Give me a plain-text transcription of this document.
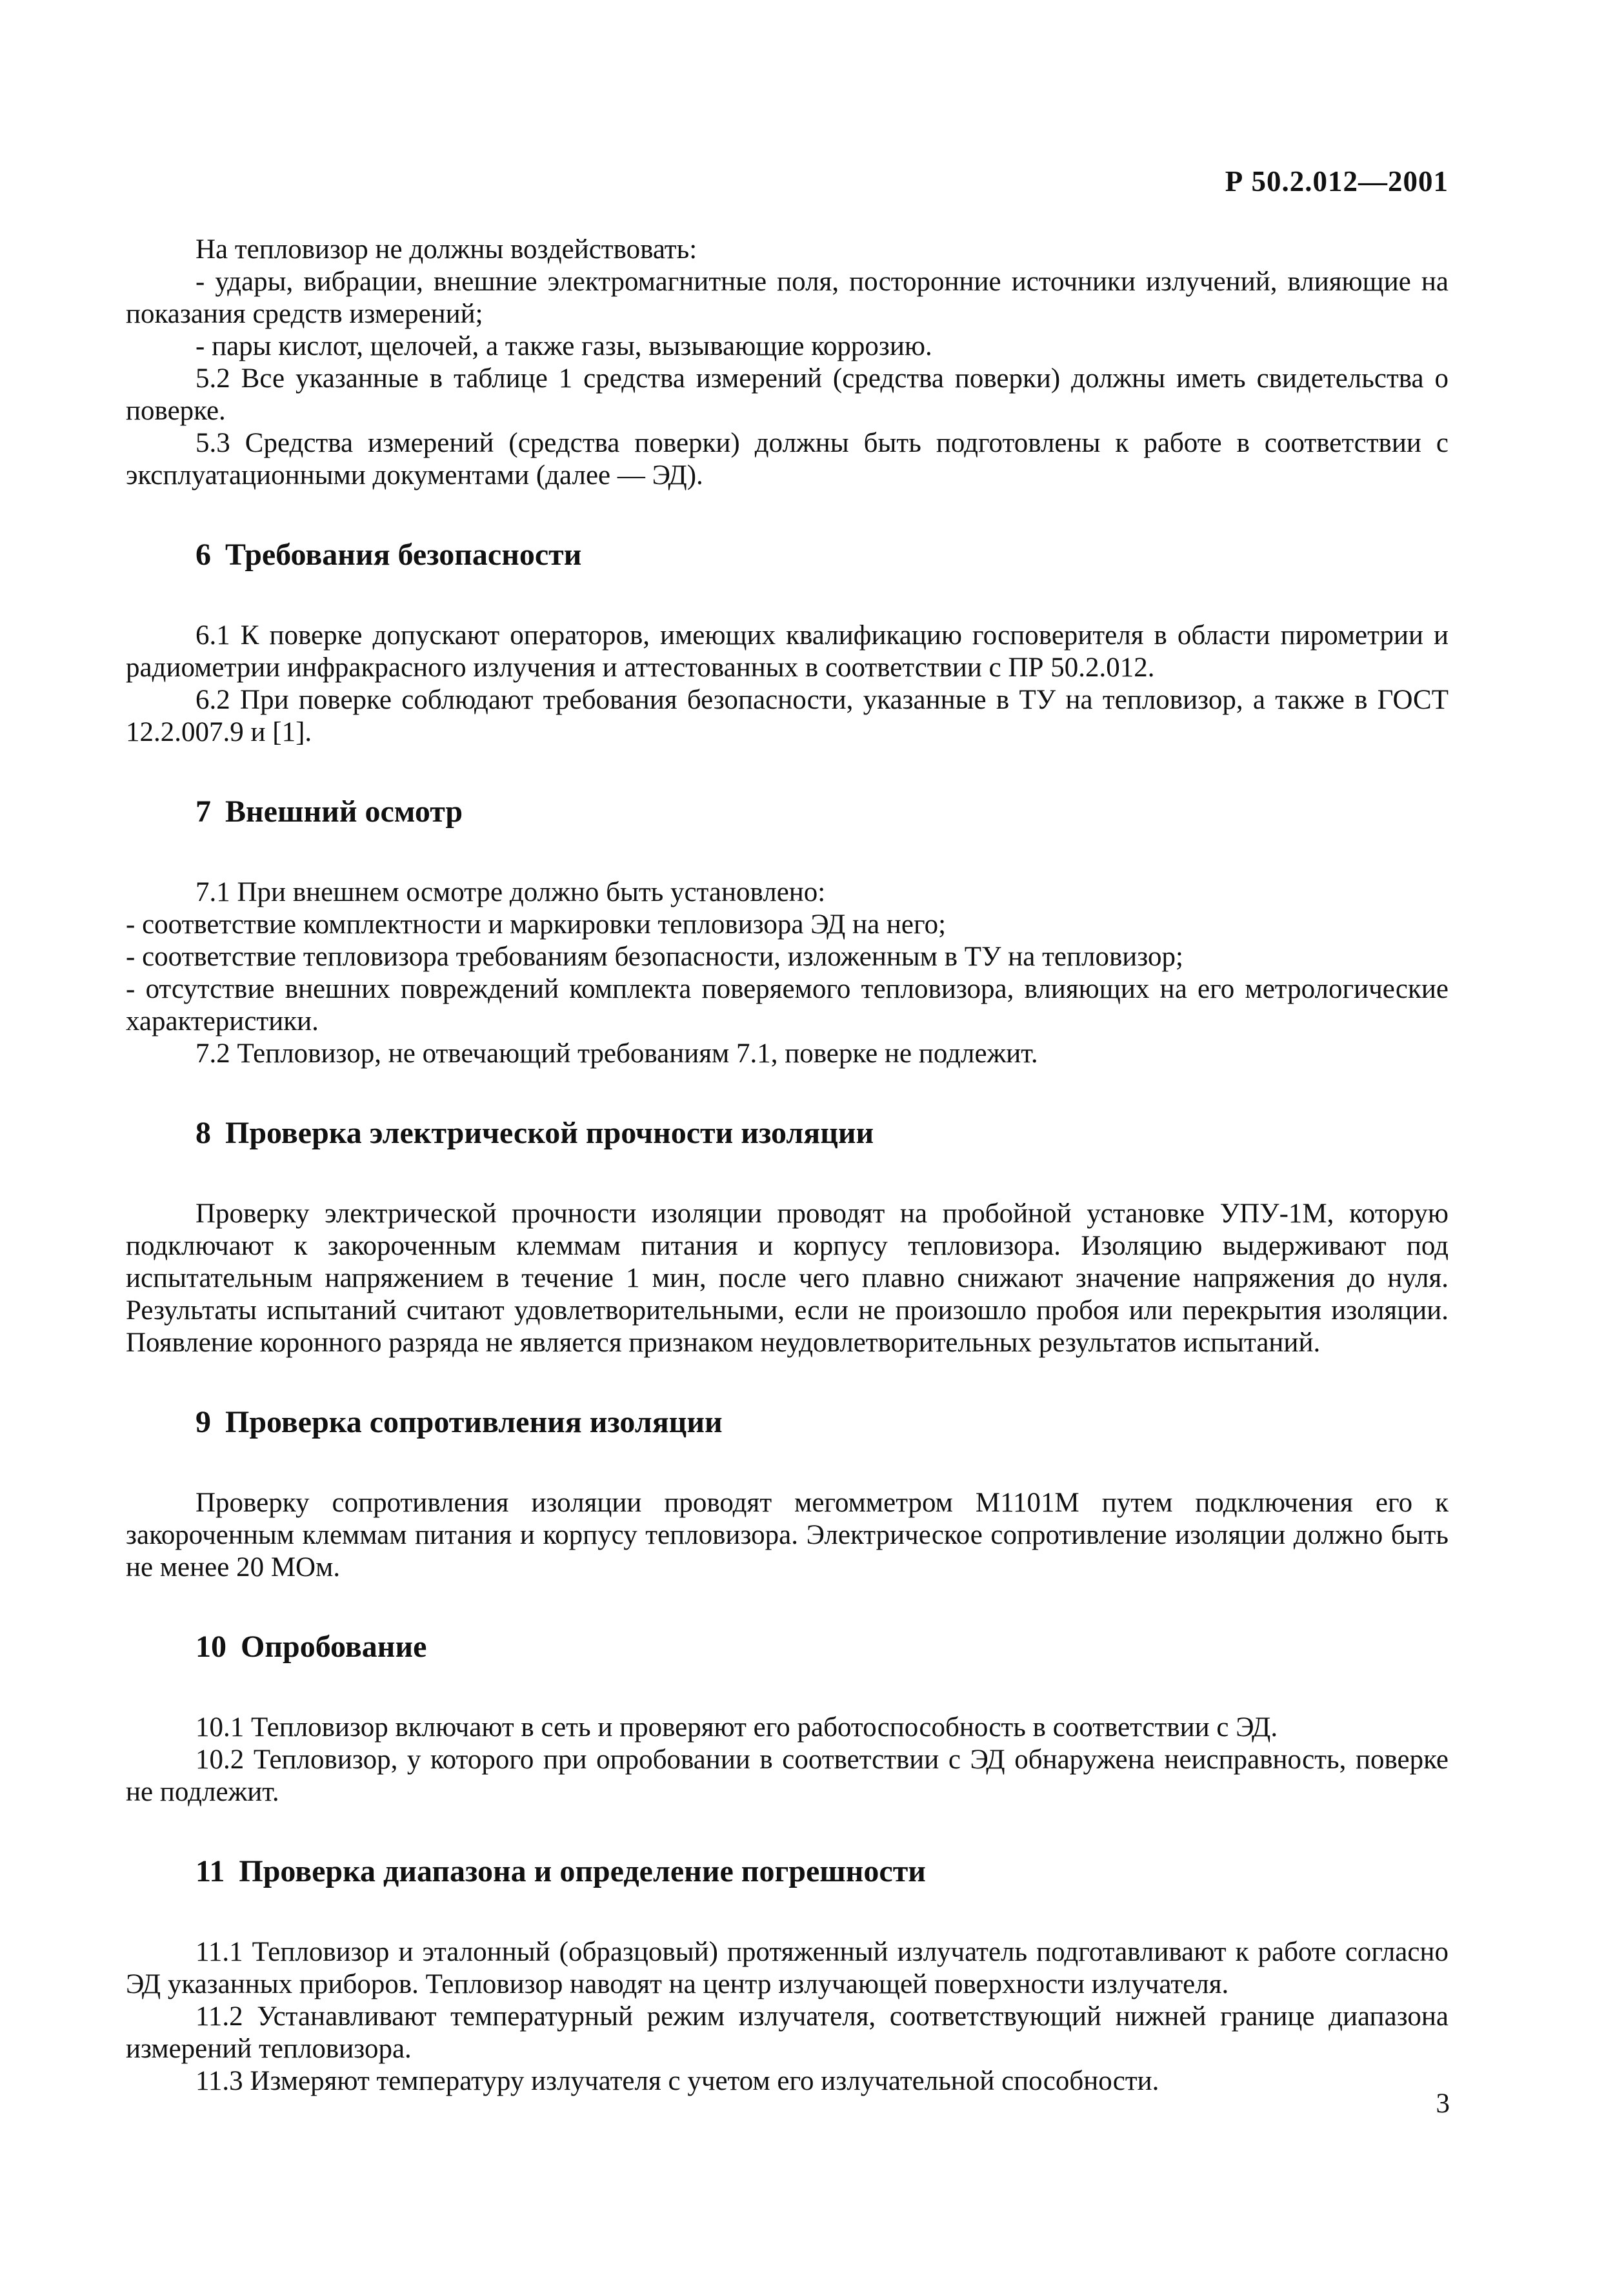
Р 50.2.012—2001

На тепловизор не должны воздействовать:

- удары, вибрации, внешние электромагнитные поля, посторонние источники излучений, влияющие на показания средств измерений;

- пары кислот, щелочей, а также газы, вызывающие коррозию.

5.2 Все указанные в таблице 1 средства измерений (средства поверки) должны иметь свидетельства о поверке.

5.3 Средства измерений (средства поверки) должны быть подготовлены к работе в соответствии с эксплуатационными документами (далее — ЭД).

6 Требования безопасности

6.1 К поверке допускают операторов, имеющих квалификацию госповерителя в области пирометрии и радиометрии инфракрасного излучения и аттестованных в соответствии с ПР 50.2.012.

6.2 При поверке соблюдают требования безопасности, указанные в ТУ на тепловизор, а также в ГОСТ 12.2.007.9 и [1].

7 Внешний осмотр

7.1 При внешнем осмотре должно быть установлено:

- соответствие комплектности и маркировки тепловизора ЭД на него;

- соответствие тепловизора требованиям безопасности, изложенным в ТУ на тепловизор;

- отсутствие внешних повреждений комплекта поверяемого тепловизора, влияющих на его метрологические характеристики.

7.2 Тепловизор, не отвечающий требованиям 7.1, поверке не подлежит.

8 Проверка электрической прочности изоляции

Проверку электрической прочности изоляции проводят на пробойной установке УПУ-1М, которую подключают к закороченным клеммам питания и корпусу тепловизора. Изоляцию выдерживают под испытательным напряжением в течение 1 мин, после чего плавно снижают значение напряжения до нуля. Результаты испытаний считают удовлетворительными, если не произошло пробоя или перекрытия изоляции. Появление коронного разряда не является признаком неудовлетворительных результатов испытаний.

9 Проверка сопротивления изоляции

Проверку сопротивления изоляции проводят мегомметром М1101М путем подключения его к закороченным клеммам питания и корпусу тепловизора. Электрическое сопротивление изоляции должно быть не менее 20 МОм.

10 Опробование

10.1 Тепловизор включают в сеть и проверяют его работоспособность в соответствии с ЭД.

10.2 Тепловизор, у которого при опробовании в соответствии с ЭД обнаружена неисправность, поверке не подлежит.

11 Проверка диапазона и определение погрешности

11.1 Тепловизор и эталонный (образцовый) протяженный излучатель подготавливают к работе согласно ЭД указанных приборов. Тепловизор наводят на центр излучающей поверхности излучателя.

11.2 Устанавливают температурный режим излучателя, соответствующий нижней границе диапазона измерений тепловизора.

11.3 Измеряют температуру излучателя с учетом его излучательной способности.

3
